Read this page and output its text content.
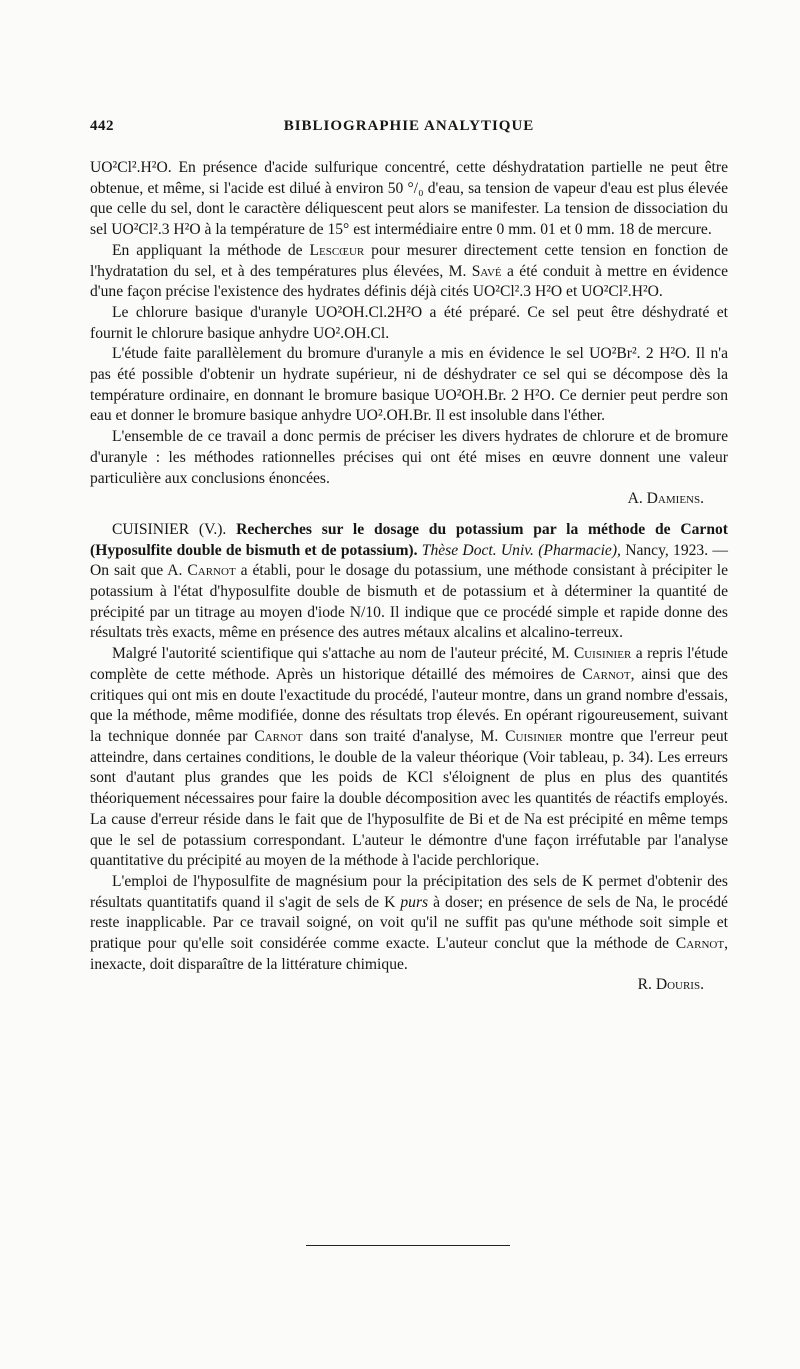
442	BIBLIOGRAPHIE ANALYTIQUE

UO²Cl².H²O. En présence d'acide sulfurique concentré, cette déshydratation partielle ne peut être obtenue, et même, si l'acide est dilué à environ 50 °/₀ d'eau, sa tension de vapeur d'eau est plus élevée que celle du sel, dont le caractère déliquescent peut alors se manifester. La tension de dissociation du sel UO²Cl².3 H²O à la température de 15° est intermédiaire entre 0 mm. 01 et 0 mm. 18 de mercure.

En appliquant la méthode de Lescœur pour mesurer directement cette tension en fonction de l'hydratation du sel, et à des températures plus élevées, M. Savé a été conduit à mettre en évidence d'une façon précise l'existence des hydrates définis déjà cités UO²Cl².3 H²O et UO²Cl².H²O.

Le chlorure basique d'uranyle UO²OH.Cl.2H²O a été préparé. Ce sel peut être déshydraté et fournit le chlorure basique anhydre UO².OH.Cl.

L'étude faite parallèlement du bromure d'uranyle a mis en évidence le sel UO²Br². 2 H²O. Il n'a pas été possible d'obtenir un hydrate supérieur, ni de déshydrater ce sel qui se décompose dès la température ordinaire, en donnant le bromure basique UO²OH.Br. 2 H²O. Ce dernier peut perdre son eau et donner le bromure basique anhydre UO².OH.Br. Il est insoluble dans l'éther.

L'ensemble de ce travail a donc permis de préciser les divers hydrates de chlorure et de bromure d'uranyle : les méthodes rationnelles précises qui ont été mises en œuvre donnent une valeur particulière aux conclusions énoncées.

A. Damiens.

CUISINIER (V.). Recherches sur le dosage du potassium par la méthode de Carnot (Hyposulfite double de bismuth et de potassium). Thèse Doct. Univ. (Pharmacie), Nancy, 1923. — On sait que A. Carnot a établi, pour le dosage du potassium, une méthode consistant à précipiter le potassium à l'état d'hyposulfite double de bismuth et de potassium et à déterminer la quantité de précipité par un titrage au moyen d'iode N/10. Il indique que ce procédé simple et rapide donne des résultats très exacts, même en présence des autres métaux alcalins et alcalino-terreux.

Malgré l'autorité scientifique qui s'attache au nom de l'auteur précité, M. Cuisinier a repris l'étude complète de cette méthode. Après un historique détaillé des mémoires de Carnot, ainsi que des critiques qui ont mis en doute l'exactitude du procédé, l'auteur montre, dans un grand nombre d'essais, que la méthode, même modifiée, donne des résultats trop élevés. En opérant rigoureusement, suivant la technique donnée par Carnot dans son traité d'analyse, M. Cuisinier montre que l'erreur peut atteindre, dans certaines conditions, le double de la valeur théorique (Voir tableau, p. 34). Les erreurs sont d'autant plus grandes que les poids de KCl s'éloignent de plus en plus des quantités théoriquement nécessaires pour faire la double décomposition avec les quantités de réactifs employés. La cause d'erreur réside dans le fait que de l'hyposulfite de Bi et de Na est précipité en même temps que le sel de potassium correspondant. L'auteur le démontre d'une façon irréfutable par l'analyse quantitative du précipité au moyen de la méthode à l'acide perchlorique.

L'emploi de l'hyposulfite de magnésium pour la précipitation des sels de K permet d'obtenir des résultats quantitatifs quand il s'agit de sels de K purs à doser; en présence de sels de Na, le procédé reste inapplicable. Par ce travail soigné, on voit qu'il ne suffit pas qu'une méthode soit simple et pratique pour qu'elle soit considérée comme exacte. L'auteur conclut que la méthode de Carnot, inexacte, doit disparaître de la littérature chimique.

R. Douris.
